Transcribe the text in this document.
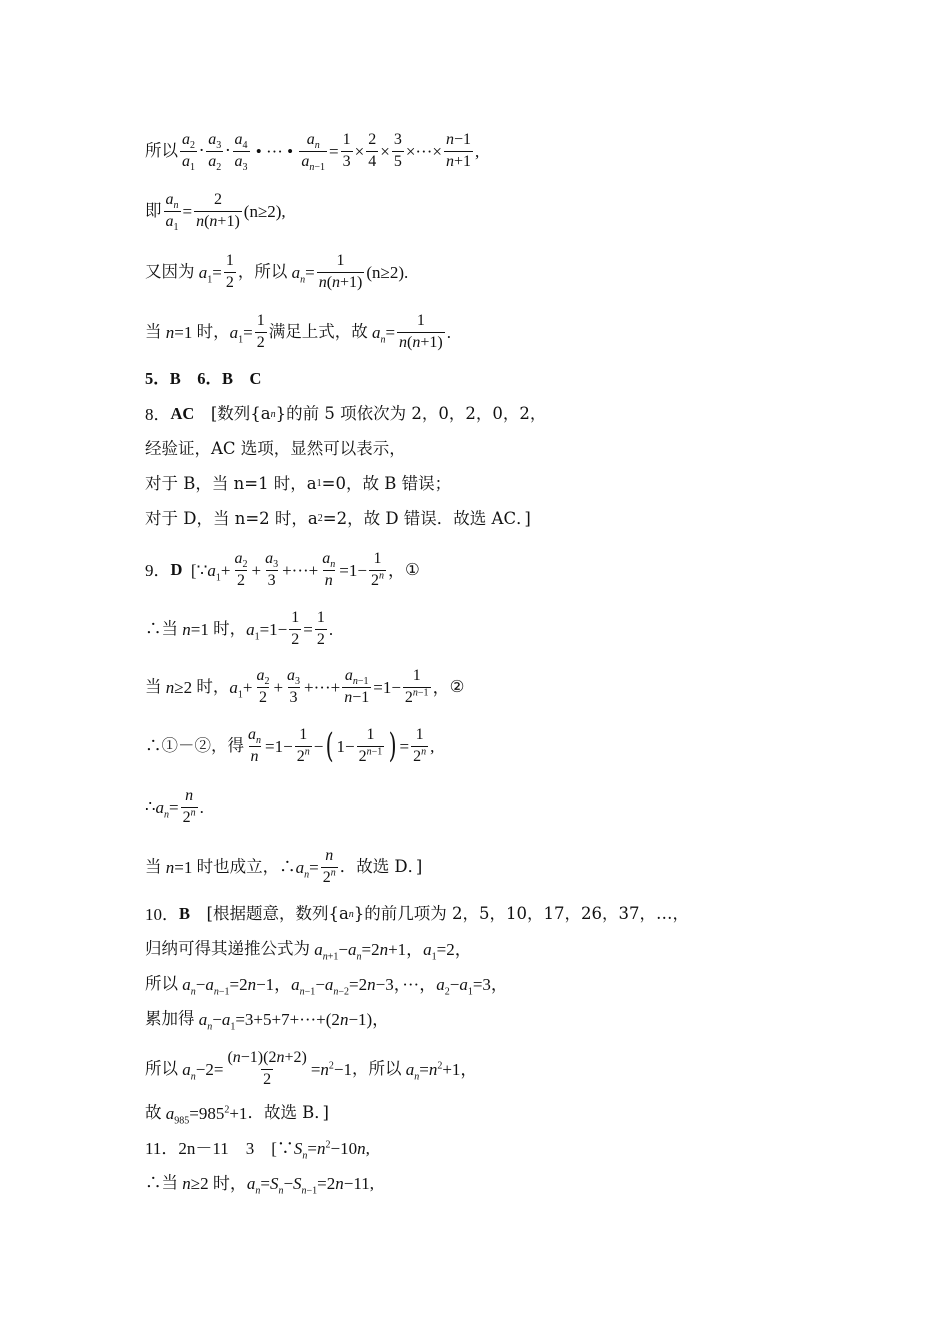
所以
$a_2$
$a_1$
·
$a_3$
$a_2$
·
$a_4$
$a_3$
• ··· • $\frac{a_n}{a_{n-1}} = \frac{1}{3} \times \frac{2}{4} \times \frac{3}{5}$ ×···× $\frac{n-1}{n+1}$ ,
即 $\frac{a_n}{a_1} = \frac{2}{n(n+1)} (n\ge 2)$,
又因为 $a_1= \frac{1}{2}$ ，所以 $a_n= \frac{1}{n(n+1)} (n\ge 2)$.
当 n=1 时， $a_1= \frac{1}{2}$ 满足上式，故 $a_n= \frac{1}{n(n+1)}$ .
5．B　6．B　C
8． AC 　[数列{a n }的前 5 项依次为 2，0，2，0，2，
经验证，AC 选项，显然可以表示，
对于 B，当 n=1 时，a 1 =0，故 B 错误；
对于 D，当 n=2 时，a 2 =2，故 D 错误．故选 AC．]
9． D [$\because a_1+ \frac{a_2}{2} + \frac{a_3}{3}$ +···+ $\frac{a_n}{n} =1- \frac{1}{2^n}$ ， ①
∴当 n=1 时， $a_1=1- \frac{1}{2} = \frac{1}{2}$ .
当 n≥2 时， $a_1+ \frac{a_2}{2} + \frac{a_3}{3}$ +···+ $\frac{a_{n-1}}{n-1} =1- \frac{1}{2^{n-1}}$ ， ②
∴①－②，得 $\frac{a_n}{n} =1- \frac{1}{2^n}$ − ( $1- \frac{1}{2^{n-1}}$ ) = $\frac{1}{2^n}$ ,
∴ $a_n= \frac{n}{2^n}$ .
当 n=1 时也成立，∴ $a_n= \frac{n}{2^n}$ ．故选 D．]
10． B 　[根据题意，数列{a n }的前几项为 2，5，10，17，26，37，…，
归纳可得其递推公式为 $a_{n+1}-a_n=2n+1$，$a_1=2$，
所以 $a_n-a_{n-1}=2n-1$，$a_{n-1}-a_{n-2}=2n-3$，···，$a_2-a_1=3$，
累加得 $a_n-a_1=3+5+7+\cdot\cdot\cdot+(2n-1)$，
所以 $a_n-2= \frac{(n-1)(2n+2)}{2} =n^2-1$ ，所以 $a_n=n^2+1$，
故 $a_{985}=985^2+1$ ．故选 B．]
11．2n－11　3　[∵ $S_n=n^2-10n$,
∴当 n≥2 时，$a_n=S_n-S_{n-1}=2n-11$,
